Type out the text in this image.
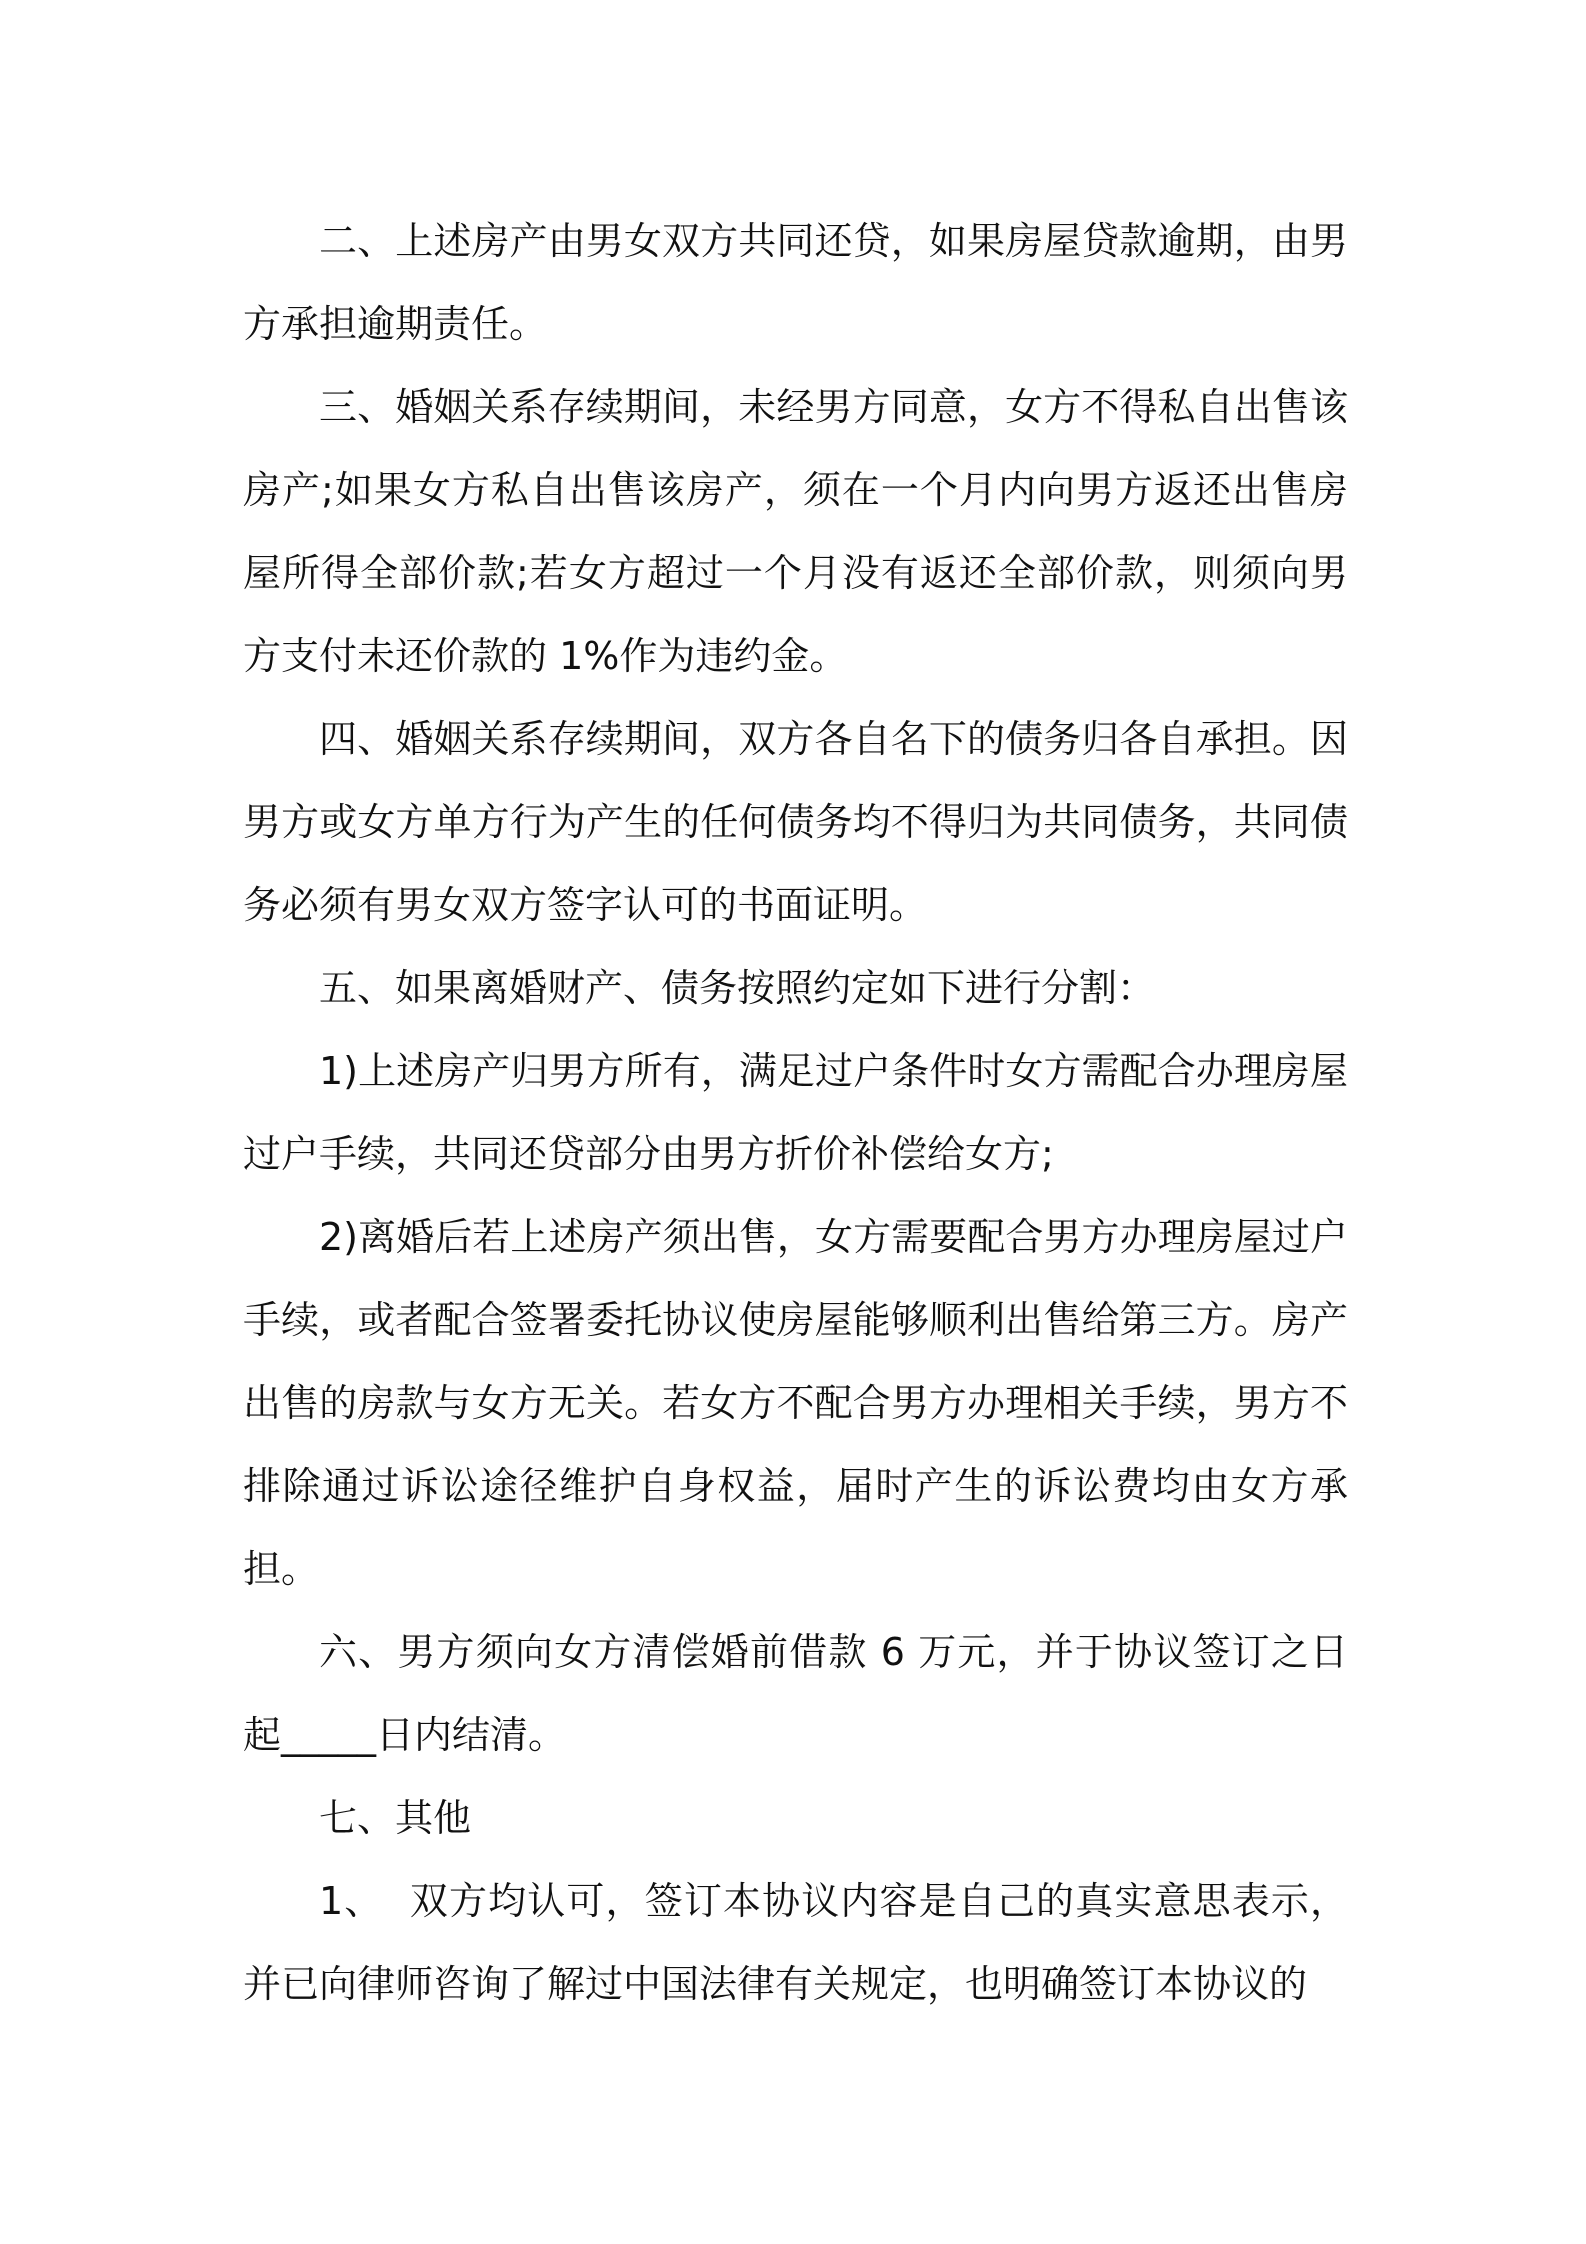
二、上述房产由男女双方共同还贷，如果房屋贷款逾期，由男方承担逾期责任。

三、婚姻关系存续期间，未经男方同意，女方不得私自出售该房产;如果女方私自出售该房产，须在一个月内向男方返还出售房屋所得全部价款;若女方超过一个月没有返还全部价款，则须向男方支付未还价款的 1%作为违约金。

四、婚姻关系存续期间，双方各自名下的债务归各自承担。因男方或女方单方行为产生的任何债务均不得归为共同债务，共同债务必须有男女双方签字认可的书面证明。

五、如果离婚财产、债务按照约定如下进行分割：

1)上述房产归男方所有，满足过户条件时女方需配合办理房屋过户手续，共同还贷部分由男方折价补偿给女方;

2)离婚后若上述房产须出售，女方需要配合男方办理房屋过户手续，或者配合签署委托协议使房屋能够顺利出售给第三方。房产出售的房款与女方无关。若女方不配合男方办理相关手续，男方不排除通过诉讼途径维护自身权益，届时产生的诉讼费均由女方承担。

六、男方须向女方清偿婚前借款 6 万元，并于协议签订之日起_____日内结清。

七、其他

1、  双方均认可，签订本协议内容是自己的真实意思表示，并已向律师咨询了解过中国法律有关规定，也明确签订本协议的
